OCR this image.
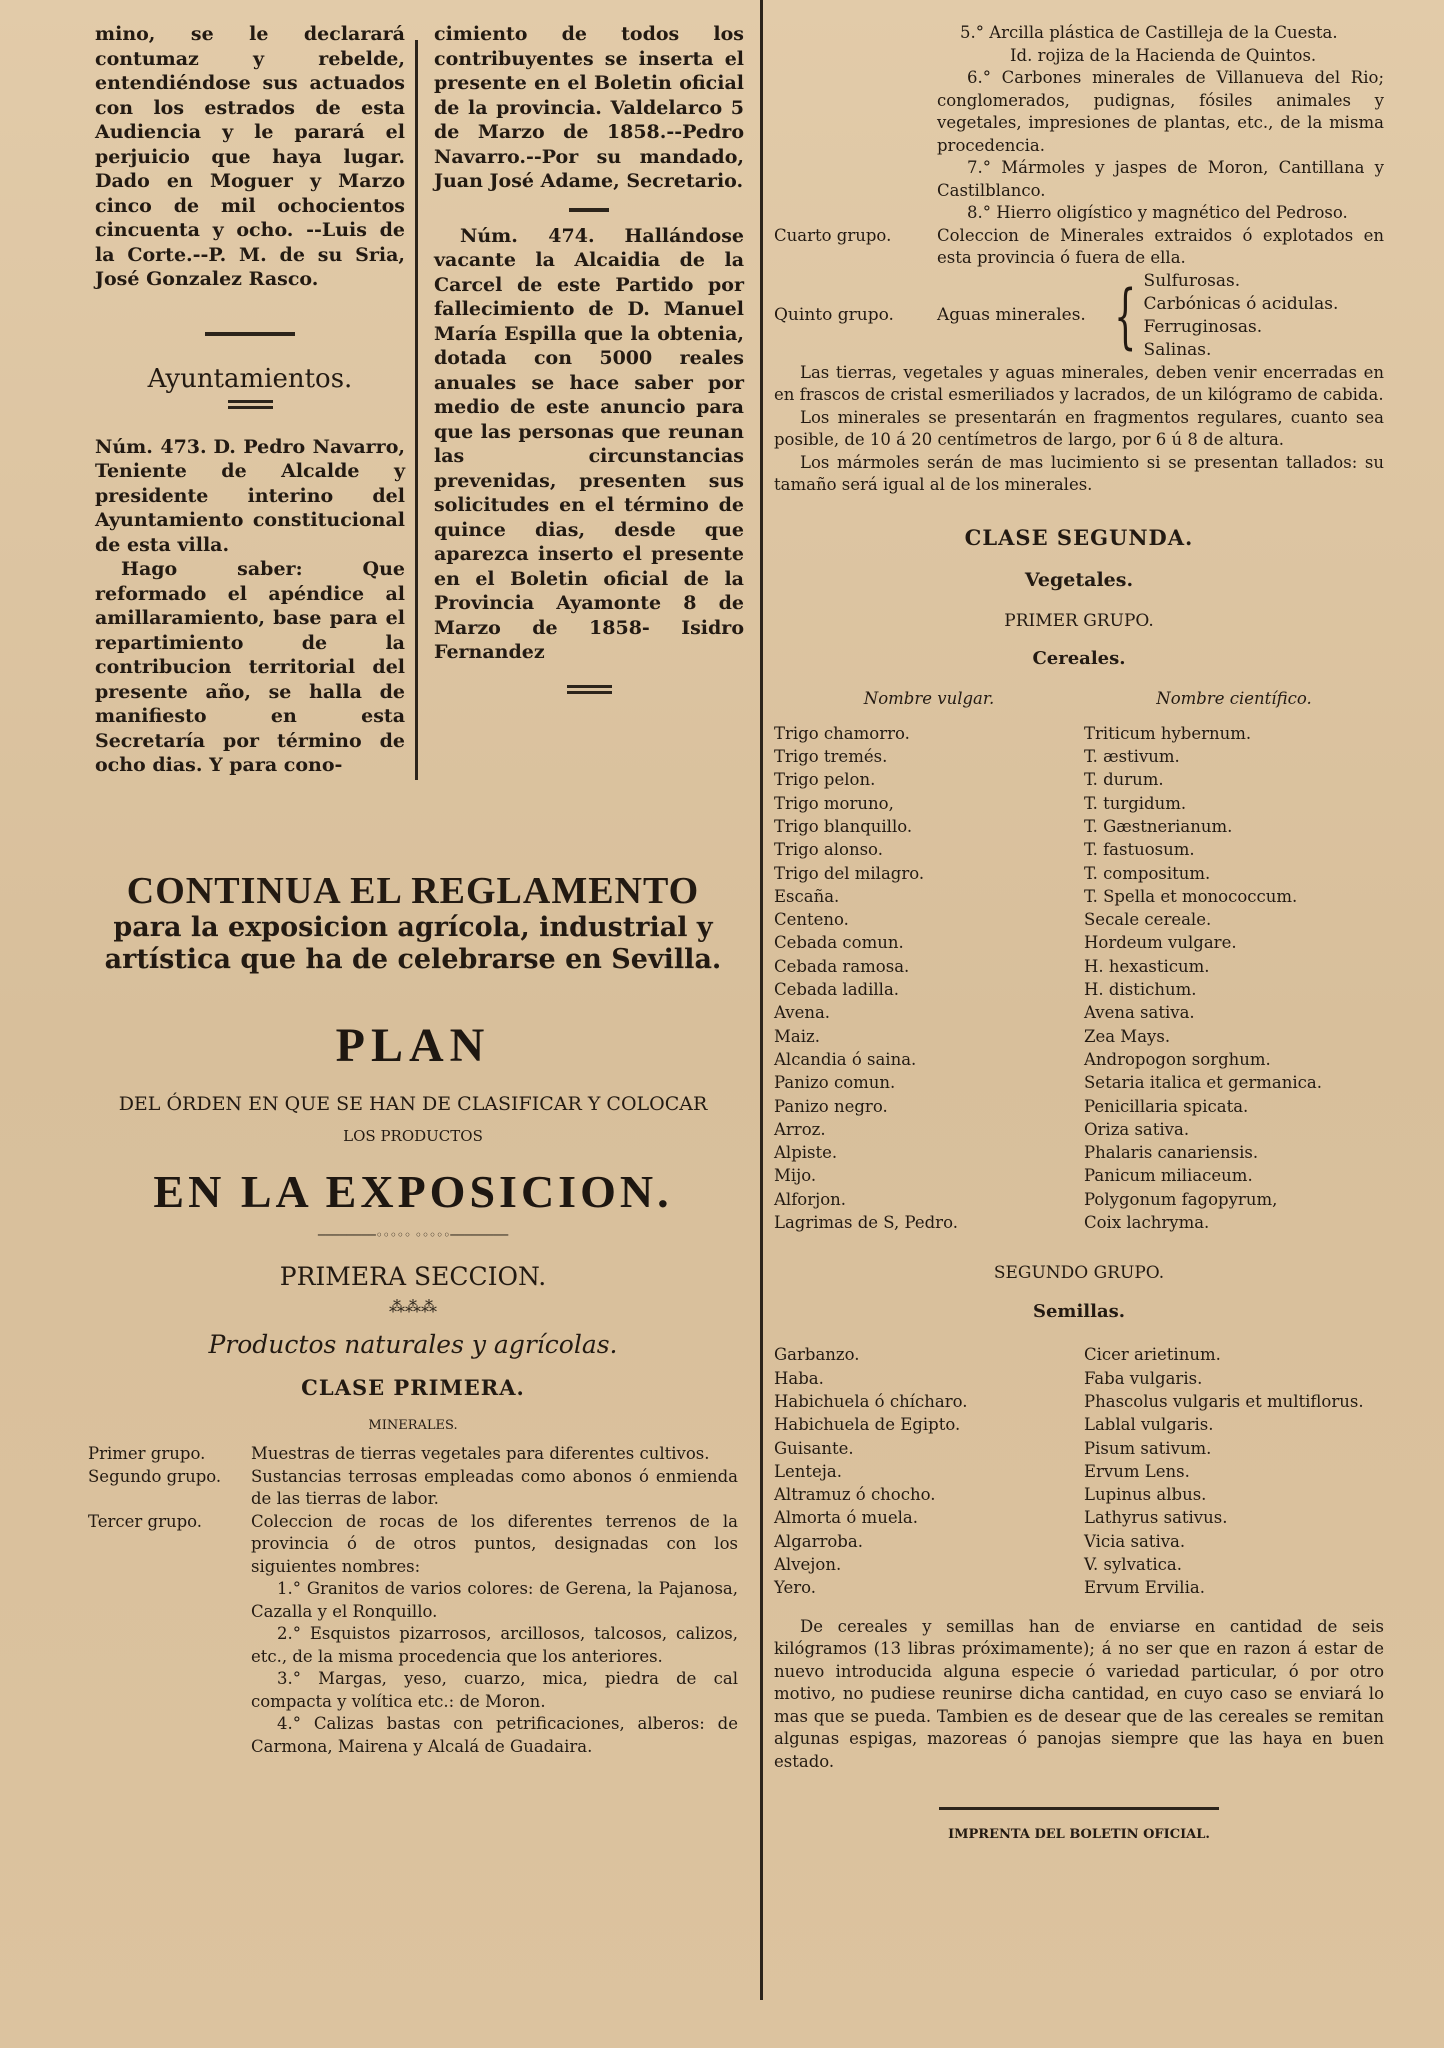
mino, se le declarará contumaz y rebelde, entendiéndose sus actuados con los estrados de esta Audiencia y le parará el perjuicio que haya lugar. Dado en Moguer y Marzo cinco de mil ochocientos cincuenta y ocho. --Luis de la Corte.--P. M. de su Sria, José Gonzalez Rasco.

Ayuntamientos.

Núm. 473. D. Pedro Navarro, Teniente de Alcalde y presidente interino del Ayuntamiento constitucional de esta villa.

Hago saber: Que reformado el apéndice al amillaramiento, base para el repartimiento de la contribucion territorial del presente año, se halla de manifiesto en esta Secretaría por término de ocho dias. Y para cono-

cimiento de todos los contribuyentes se inserta el presente en el Boletin oficial de la provincia. Valdelarco 5 de Marzo de 1858.--Pedro Navarro.--Por su mandado, Juan José Adame, Secretario.

Núm. 474. Hallándose vacante la Alcaidia de la Carcel de este Partido por fallecimiento de D. Manuel María Espilla que la obtenia, dotada con 5000 reales anuales se hace saber por medio de este anuncio para que las personas que reunan las circunstancias prevenidas, presenten sus solicitudes en el término de quince dias, desde que aparezca inserto el presente en el Boletin oficial de la Provincia Ayamonte 8 de Marzo de 1858- Isidro Fernandez

CONTINUA EL REGLAMENTO
para la exposicion agrícola, industrial y
artística que ha de celebrarse en Sevilla.
PLAN
DEL ÓRDEN EN QUE SE HAN DE CLASIFICAR Y COLOCAR
LOS PRODUCTOS
EN LA EXPOSICION.
────────◦◦◦◦◦ ◦◦◦◦◦────────
PRIMERA SECCION.
⁂⁂⁂
Productos naturales y agrícolas.
CLASE PRIMERA.
MINERALES.
Primer grupo.	Muestras de tierras vegetales para diferentes cultivos.
Segundo grupo.	Sustancias terrosas empleadas como abonos ó enmienda de las tierras de labor.
Tercer grupo.	Coleccion de rocas de los diferentes terrenos de la provincia ó de otros puntos, designadas con los siguientes nombres:
1.° Granitos de varios colores: de Gerena, la Pajanosa, Cazalla y el Ronquillo.
2.° Esquistos pizarrosos, arcillosos, talcosos, calizos, etc., de la misma procedencia que los anteriores.
3.° Margas, yeso, cuarzo, mica, piedra de cal compacta y volítica etc.: de Moron.
4.° Calizas bastas con petrificaciones, alberos: de Carmona, Mairena y Alcalá de Guadaira.
5.° Arcilla plástica de Castilleja de la Cuesta.
Id. rojiza de la Hacienda de Quintos.
6.° Carbones minerales de Villanueva del Rio; conglomerados, pudignas, fósiles animales y vegetales, impresiones de plantas, etc., de la misma procedencia.
7.° Mármoles y jaspes de Moron, Cantillana y Castilblanco.
8.° Hierro oligístico y magnético del Pedroso.
Cuarto grupo.	Coleccion de Minerales extraidos ó explotados en esta provincia ó fuera de ella.
Quinto grupo.	Aguas minerales. { Sulfurosas.
Carbónicas ó acidulas.
Ferruginosas.
Salinas.

Las tierras, vegetales y aguas minerales, deben venir encerradas en en frascos de cristal esmeriliados y lacrados, de un kilógramo de cabida.

Los minerales se presentarán en fragmentos regulares, cuanto sea posible, de 10 á 20 centímetros de largo, por 6 ú 8 de altura.

Los mármoles serán de mas lucimiento si se presentan tallados: su tamaño será igual al de los minerales.

CLASE SEGUNDA.
Vegetales.
PRIMER GRUPO.
Cereales.
Nombre vulgar.	Nombre científico.
Trigo chamorro.	Triticum hybernum.
Trigo tremés.	T. æstivum.
Trigo pelon.	T. durum.
Trigo moruno,	T. turgidum.
Trigo blanquillo.	T. Gæstnerianum.
Trigo alonso.	T. fastuosum.
Trigo del milagro.	T. compositum.
Escaña.	T. Spella et monococcum.
Centeno.	Secale cereale.
Cebada comun.	Hordeum vulgare.
Cebada ramosa.	H. hexasticum.
Cebada ladilla.	H. distichum.
Avena.	Avena sativa.
Maiz.	Zea Mays.
Alcandia ó saina.	Andropogon sorghum.
Panizo comun.	Setaria italica et germanica.
Panizo negro.	Penicillaria spicata.
Arroz.	Oriza sativa.
Alpiste.	Phalaris canariensis.
Mijo.	Panicum miliaceum.
Alforjon.	Polygonum fagopyrum,
Lagrimas de S, Pedro.	Coix lachryma.
SEGUNDO GRUPO.
Semillas.
Garbanzo.	Cicer arietinum.
Haba.	Faba vulgaris.
Habichuela ó chícharo.	Phascolus vulgaris et multiflorus.
Habichuela de Egipto.	Lablal vulgaris.
Guisante.	Pisum sativum.
Lenteja.	Ervum Lens.
Altramuz ó chocho.	Lupinus albus.
Almorta ó muela.	Lathyrus sativus.
Algarroba.	Vicia sativa.
Alvejon.	V. sylvatica.
Yero.	Ervum Ervilia.

De cereales y semillas han de enviarse en cantidad de seis kilógramos (13 libras próximamente); á no ser que en razon á estar de nuevo introducida alguna especie ó variedad particular, ó por otro motivo, no pudiese reunirse dicha cantidad, en cuyo caso se enviará lo mas que se pueda. Tambien es de desear que de las cereales se remitan algunas espigas, mazoreas ó panojas siempre que las haya en buen estado.

IMPRENTA DEL BOLETIN OFICIAL.
